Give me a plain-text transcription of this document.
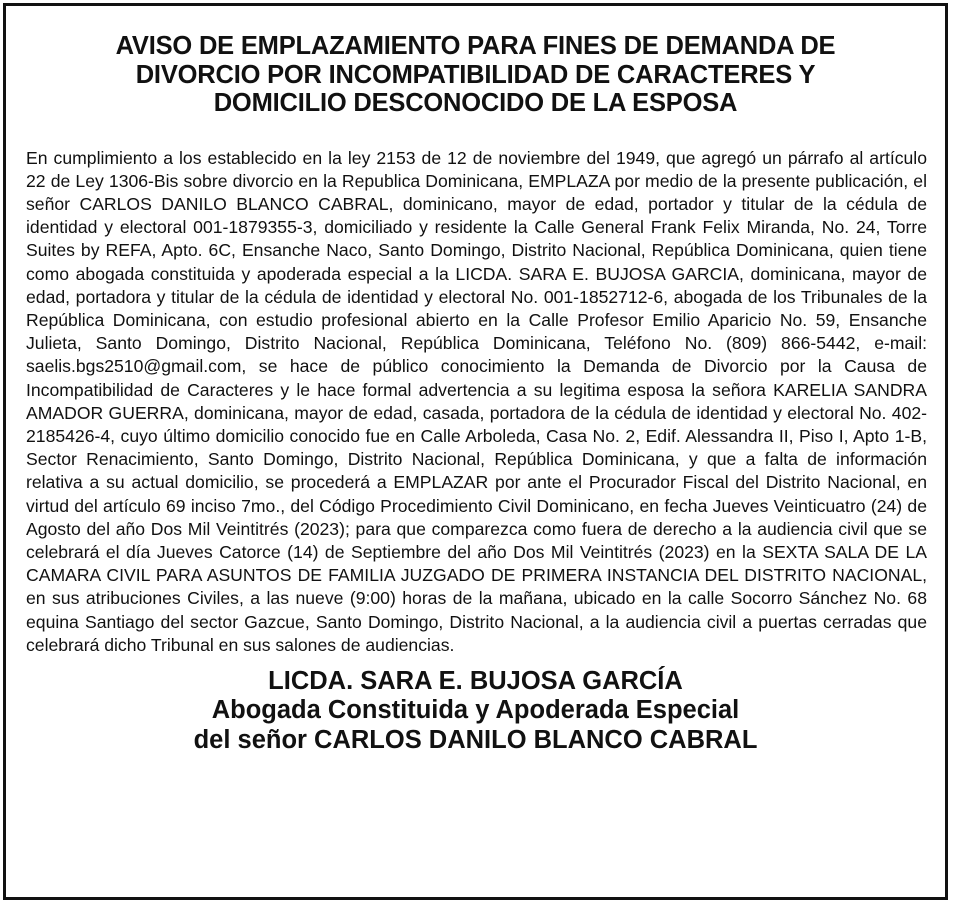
AVISO DE EMPLAZAMIENTO PARA FINES DE DEMANDA DE
DIVORCIO POR INCOMPATIBILIDAD DE CARACTERES Y
DOMICILIO DESCONOCIDO DE LA ESPOSA

En cumplimiento a los establecido en la ley 2153 de 12 de noviembre del 1949, que agregó un párrafo al artículo 22 de Ley 1306-Bis sobre divorcio en la Republica Dominicana, EMPLAZA por medio de la presente publicación, el señor CARLOS DANILO BLANCO CABRAL, dominicano, mayor de edad, portador y titular de la cédula de identidad y electoral 001-1879355-3, domiciliado y residente la Calle General Frank Felix Miranda, No. 24, Torre Suites by REFA, Apto. 6C, Ensanche Naco, Santo Domingo, Distrito Nacional, República Dominicana, quien tiene como abogada constituida y apoderada especial a la LICDA. SARA E. BUJOSA GARCIA, dominicana, mayor de edad, portadora y titular de la cédula de identidad y electoral No. 001-1852712-6, abogada de los Tribunales de la República Dominicana, con estudio profesional abierto en la Calle Profesor Emilio Aparicio No. 59, Ensanche Julieta, Santo Domingo, Distrito Nacional, República Dominicana, Teléfono No. (809) 866-5442, e-mail: saelis.bgs2510@gmail.com, se hace de público conocimiento la Demanda de Divorcio por la Causa de Incompatibilidad de Caracteres y le hace formal advertencia a su legitima esposa la señora KARELIA SANDRA AMADOR GUERRA, dominicana, mayor de edad, casada, portadora de la cédula de identidad y electoral No. 402-2185426-4, cuyo último domicilio conocido fue en Calle Arboleda, Casa No. 2, Edif. Alessandra II, Piso I, Apto 1-B, Sector Renacimiento, Santo Domingo, Distrito Nacional, República Dominicana, y que a falta de información relativa a su actual domicilio, se procederá a EMPLAZAR por ante el Procurador Fiscal del Distrito Nacional, en virtud del artículo 69 inciso 7mo., del Código Procedimiento Civil Dominicano, en fecha Jueves Veinticuatro (24) de Agosto del año Dos Mil Veintitrés (2023); para que comparezca como fuera de derecho a la audiencia civil que se celebrará el día Jueves Catorce (14) de Septiembre del año Dos Mil Veintitrés (2023) en la SEXTA SALA DE LA CAMARA CIVIL PARA ASUNTOS DE FAMILIA JUZGADO DE PRIMERA INSTANCIA DEL DISTRITO NACIONAL, en sus atribuciones Civiles, a las nueve (9:00) horas de la mañana, ubicado en la calle Socorro Sánchez No. 68 equina Santiago del sector Gazcue, Santo Domingo, Distrito Nacional, a la audiencia civil a puertas cerradas que celebrará dicho Tribunal en sus salones de audiencias.

LICDA. SARA E. BUJOSA GARCÍA
Abogada Constituida y Apoderada Especial
del señor CARLOS DANILO BLANCO CABRAL
